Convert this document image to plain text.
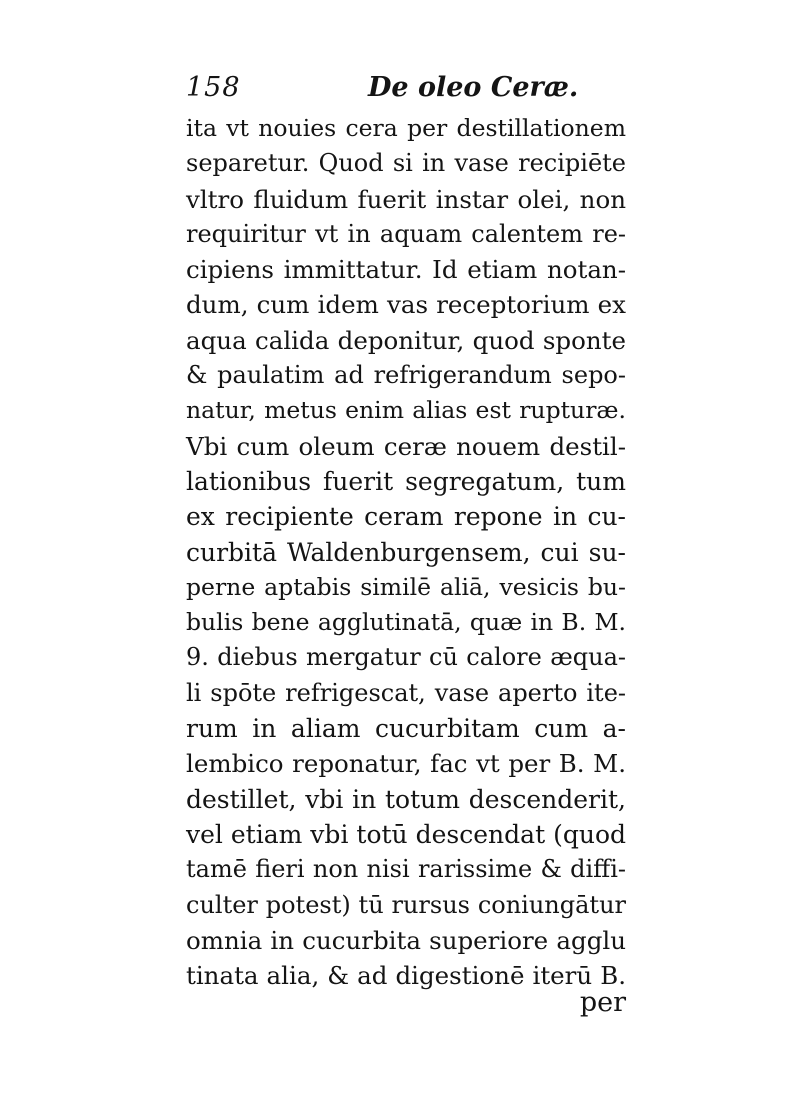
158	De oleo Ceræ.
ita vt nouies cera per destillationem
separetur. Quod si in vase recipiēte
vltro fluidum fuerit instar olei, non
requiritur vt in aquam calentem re-
cipiens immittatur. Id etiam notan-
dum, cum idem vas receptorium ex
aqua calida deponitur, quod sponte
& paulatim ad refrigerandum sepo-
natur, metus enim alias est rupturæ.
Vbi cum oleum ceræ nouem destil-
lationibus fuerit segregatum, tum
ex recipiente ceram repone in cu-
curbitā Waldenburgensem, cui su-
perne aptabis similē aliā, vesicis bu-
bulis bene agglutinatā, quæ in B. M.
9. diebus mergatur cū calore æqua-
li spōte refrigescat, vase aperto ite-
rum in aliam cucurbitam cum a-
lembico reponatur, fac vt per B. M.
destillet, vbi in totum descenderit,
vel etiam vbi totū descendat (quod
tamē fieri non nisi rarissime & diffi-
culter potest) tū rursus coniungātur
omnia in cucurbita superiore agglu
tinata alia, & ad digestionē iterū B.
per
